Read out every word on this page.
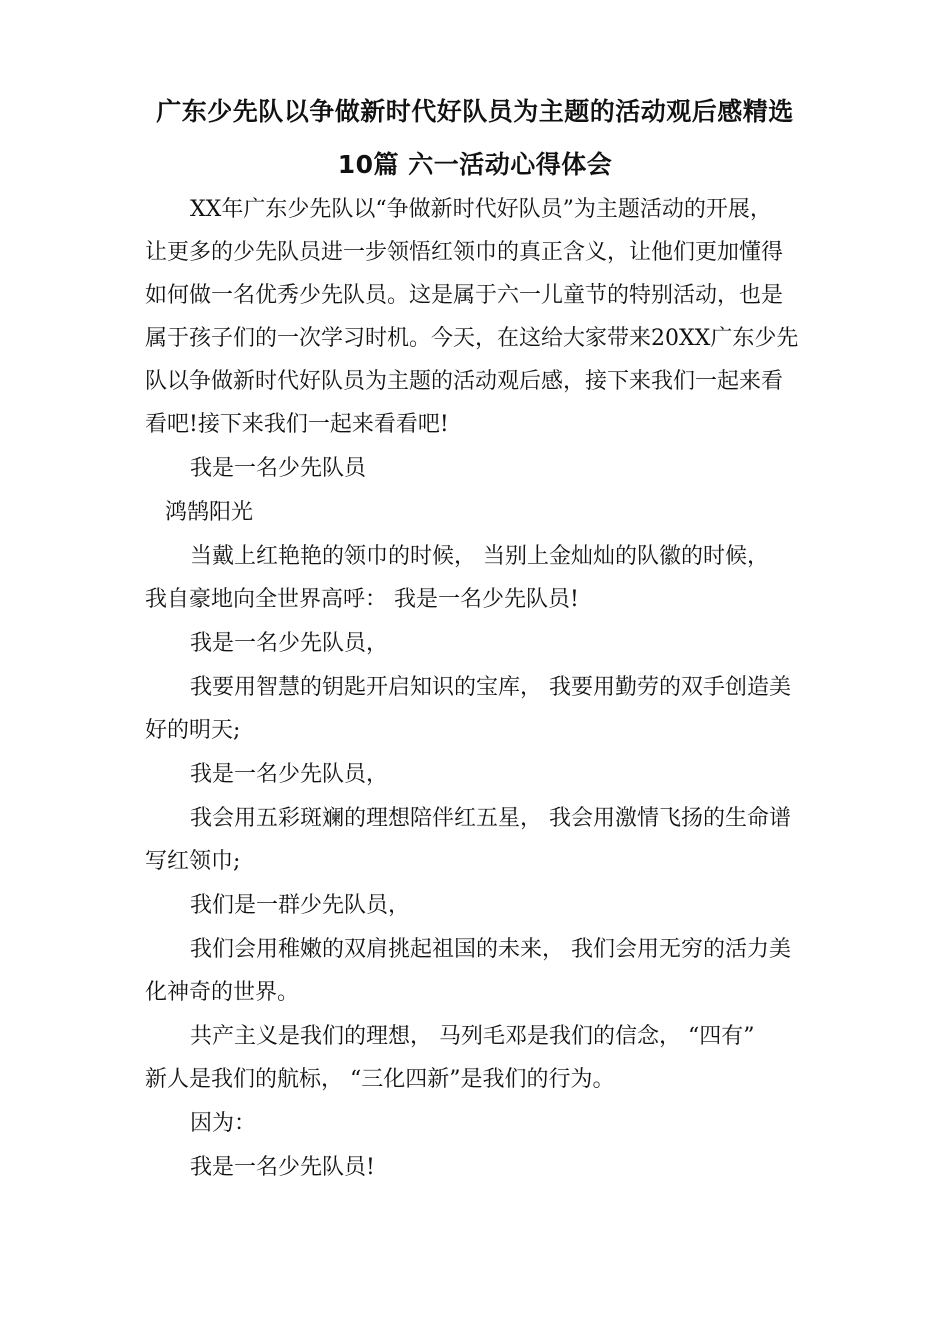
广东少先队以争做新时代好队员为主题的活动观后感精选
10篇 六一活动心得体会
XX年广东少先队以“争做新时代好队员”为主题活动的开展，
让更多的少先队员进一步领悟红领巾的真正含义，让他们更加懂得
如何做一名优秀少先队员。这是属于六一儿童节的特别活动，也是
属于孩子们的一次学习时机。今天，在这给大家带来20XX广东少先
队以争做新时代好队员为主题的活动观后感，接下来我们一起来看
看吧!接下来我们一起来看看吧!
我是一名少先队员
鸿鹄阳光
当戴上红艳艳的领巾的时候， 当别上金灿灿的队徽的时候，
我自豪地向全世界高呼： 我是一名少先队员!
我是一名少先队员，
我要用智慧的钥匙开启知识的宝库， 我要用勤劳的双手创造美
好的明天;
我是一名少先队员，
我会用五彩斑斓的理想陪伴红五星， 我会用激情飞扬的生命谱
写红领巾;
我们是一群少先队员，
我们会用稚嫩的双肩挑起祖国的未来， 我们会用无穷的活力美
化神奇的世界。
共产主义是我们的理想， 马列毛邓是我们的信念， “四有”
新人是我们的航标， “三化四新”是我们的行为。
因为：
我是一名少先队员!
